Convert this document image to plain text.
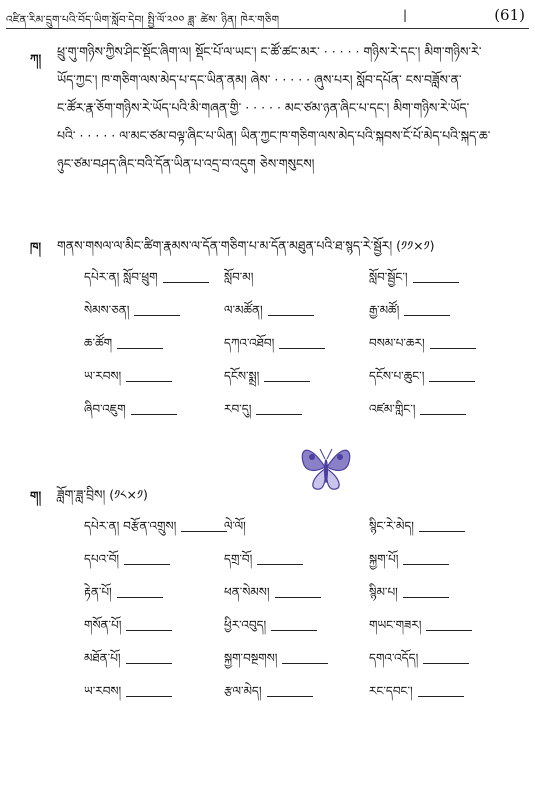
འཛིན་རིམ་དྲུག་པའི་བོད་ཡིག་སློབ་དེབ། སྤྱི་ལོ་༢༠༠ ཟླ་ ཚེས་ ཉིན། ཁེར་གཅིག	|	(61)
ཀ། ཕྲུ་གུ་གཉིས་ཀྱིས་ཤིང་སྡོང་ཞིག་ལ། སྡོང་པོ་ལ་ཡང་། ང་ཚོ་ཚང་མར་ · · · · · གཉིས་རེ་དང་། མིག་གཉིས་རེ་
ཡོད་ཀྱང་། ཁ་གཅིག་ལས་མེད་པ་དང་ཡིན་ནམ། ཞེས་ · · · · · ཞུས་པར། སློབ་དཔོན་ ངས་བཟློས་ན་
ང་ཚོར་རྣ་ཅོག་གཉིས་རེ་ཡོད་པའི་མི་གཞན་གྱི་ · · · · · མང་ཙམ་ཉན་ཞིང་པ་དང་། མིག་གཉིས་རེ་ཡོད་
པའི་ · · · · · ལ་མང་ཙམ་བལྟ་ཞིང་པ་ཡིན། ཡིན་ཀྱང་ཁ་གཅིག་ལས་མེད་པའི་སྐབས་ངོ་པོ་མེད་པའི་སྐད་ཆ་
ཉུང་ཙམ་བཤད་ཞིང་བའི་དོན་ཡིན་པ་འདྲ་བ་འདུག ཅེས་གསུངས།
ཁ། གནས་གསལ་ལ་མིང་ཚིག་རྣམས་ལ་དོན་གཅིག་པ་མ་དོན་མཐུན་པའི་ཐ་སྙད་རེ་སྦྱོར། (༡༡×༡)
དཔེར་ན། སློབ་ཕྲུག	སློབ་མ།	སློབ་སྦྱོང་།
སེམས་ཅན།	ལ་མཚོན།	རྒྱ་མཚོ།
ཆ་ཚོག	དཀའ་འཐོབ།	བསམ་པ་ཆར།
ཡ་རབས།	དངོས་སྨྲ།	དངོས་པ་ཆུང་།
ཞིབ་འཇུག	རབ་དུ།	འཛམ་གླིང་།
ག། ཟློག་ཟླ་བྲིས། (༡༨×༡)
དཔེར་ན། བརྩོན་འགྲུས།	ལེ་ལོ།	སྙིང་རེ་མེད།
དཔའ་བོ།	དགྲ་བོ།	སྐྱག་པོ།
རྟེན་པོ།	ཕན་སེམས།	སྙིམ་པ།
གསོན་པོ།	ཕྱིར་འབུད།	གཡང་གཟར།
མཐོན་པོ།	སྐྱག་བསྔགས།	དགའ་འདོད།
ཡ་རབས།	རྩལ་མེད།	རང་དབང་།
